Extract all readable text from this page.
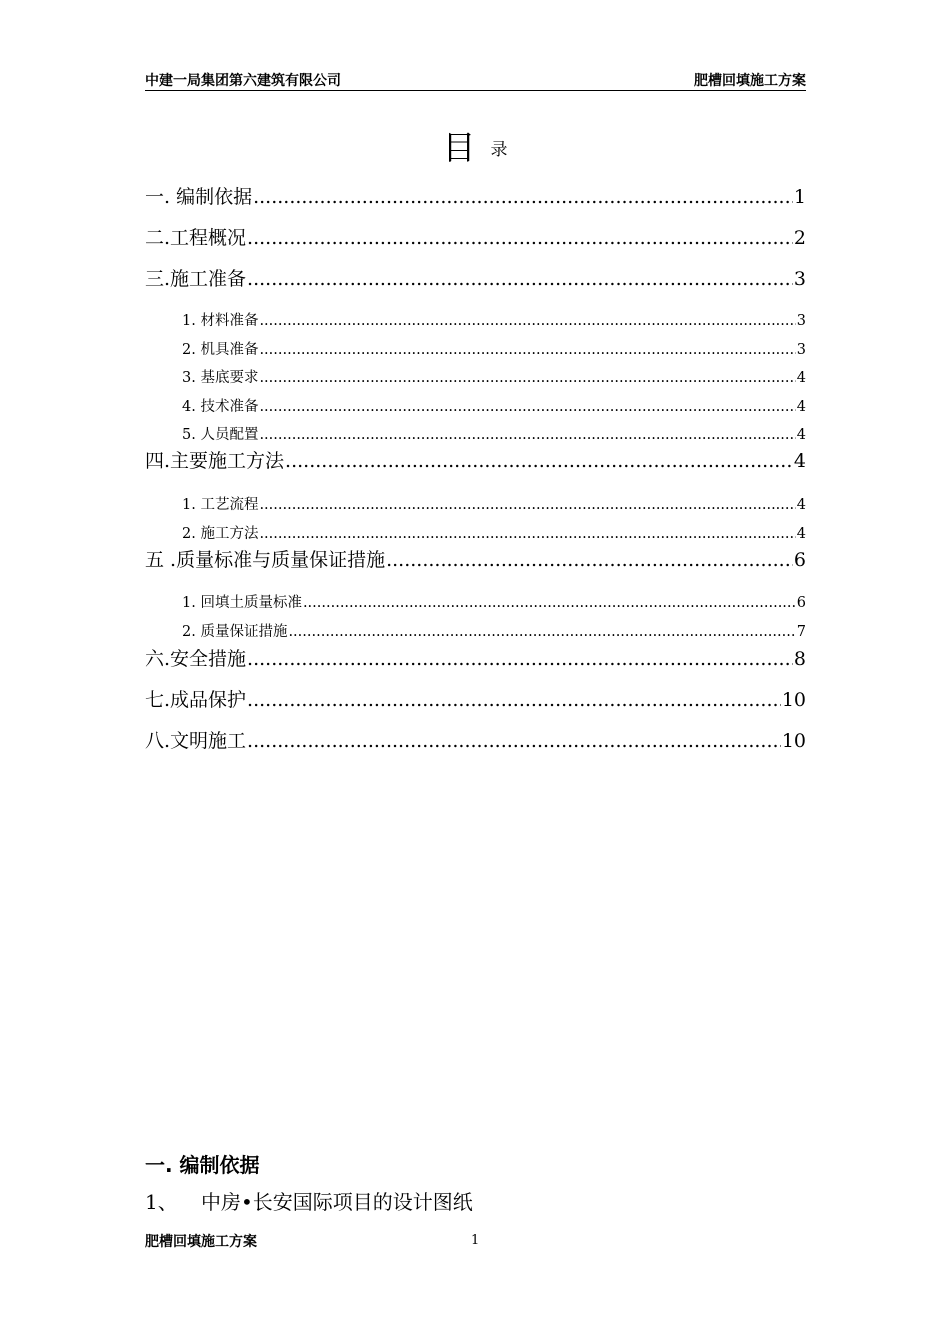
中建一局集团第六建筑有限公司	肥槽回填施工方案
目 录
一. 编制依据 .....	1
二.工程概况 .....	2
三.施工准备 .....	3
1. 材料准备 .....	3
2. 机具准备 .....	3
3. 基底要求 .....	4
4. 技术准备 .....	4
5. 人员配置 .....	4
四.主要施工方法 .....	4
1. 工艺流程 .....	4
2. 施工方法 .....	4
五 .质量标准与质量保证措施 .....	6
1. 回填土质量标准 .....	6
2. 质量保证措施 .....	7
六.安全措施 .....	8
七.成品保护 .....	10
八.文明施工 .....	10
一. 编制依据
1、 中房•长安国际项目的设计图纸
肥槽回填施工方案	1
